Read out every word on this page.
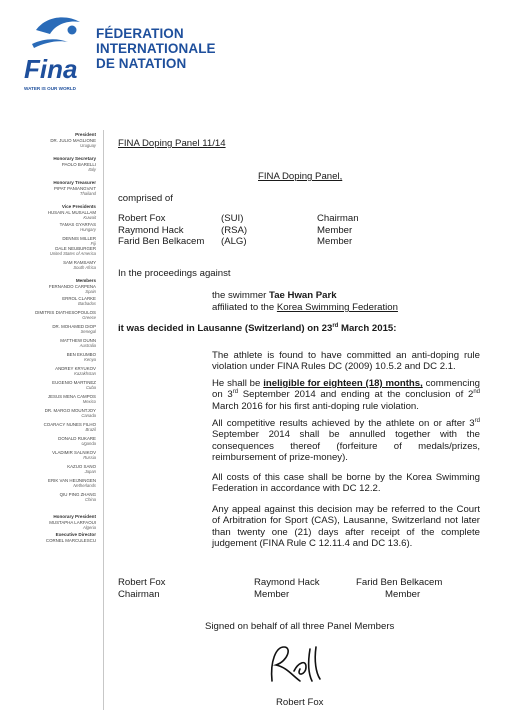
Fina
WATER IS OUR WORLD
FÉDERATION
INTERNATIONALE
DE NATATION
President
DR. JULIO MAGLIONE
Uruguay
Honorary Secretary
PAOLO BARELLI
Italy
Honorary Treasurer
PIPAT PANIANGVAIT
Thailand
Vice Presidents
HUSAIN AL MUSALLAM
Kuwait
TAMAS GYARFAS
Hungary
DENNIS MILLER
Fiji
DALE NEUBURGER
United States of America
SAM RAMSAMY
South Africa
Members
FERNANDO CARPENA
Spain
ERROL CLARKE
Barbados
DIMITRIS DIATHESOPOULOS
Greece
DR. MOHAMED DIOP
Senegal
MATTHEW DUNN
Australia
BEN EKUMBO
Kenya
ANDREY KRYUKOV
Kazakhstan
EUGENIO MARTINEZ
Cuba
JESUS MENA CAMPOS
Mexico
DR. MARGO MOUNTJOY
Canada
COARACY NUNES FILHO
Brazil
DONALD RUKARE
Uganda
VLADIMIR SALNIKOV
Russia
KAZUO SANO
Japan
ERIK VAN HEIJNINGEN
Netherlands
QIU PING ZHANG
China
Honorary President
MUSTAPHA LARFAOUI
Algeria
Executive Director
CORNEL MARCULESCU
FINA Doping Panel 11/14
FINA Doping Panel,
comprised of
Robert Fox	(SUI)	Chairman
Raymond Hack	(RSA)	Member
Farid Ben Belkacem (ALG)	Member
In the proceedings against
the swimmer Tae Hwan Park
affiliated to the Korea Swimming Federation
it was decided in Lausanne (Switzerland) on 23rd March 2015:
The athlete is found to have committed an anti-doping rule violation under FINA Rules DC (2009) 10.5.2 and DC 2.1.
He shall be ineligible for eighteen (18) months, commencing on 3rd September 2014 and ending at the conclusion of 2nd March 2016 for his first anti-doping rule violation.
All competitive results achieved by the athlete on or after 3rd September 2014 shall be annulled together with the consequences thereof (forfeiture of medals/prizes, reimbursement of prize-money).
All costs of this case shall be borne by the Korea Swimming Federation in accordance with DC 12.2.
Any appeal against this decision may be referred to the Court of Arbitration for Sport (CAS), Lausanne, Switzerland not later than twenty one (21) days after receipt of the complete judgement (FINA Rule C 12.11.4 and DC 13.6).
Robert Fox	Raymond Hack	Farid Ben Belkacem
Chairman	Member	Member
Signed on behalf of all three Panel Members
Robert Fox
